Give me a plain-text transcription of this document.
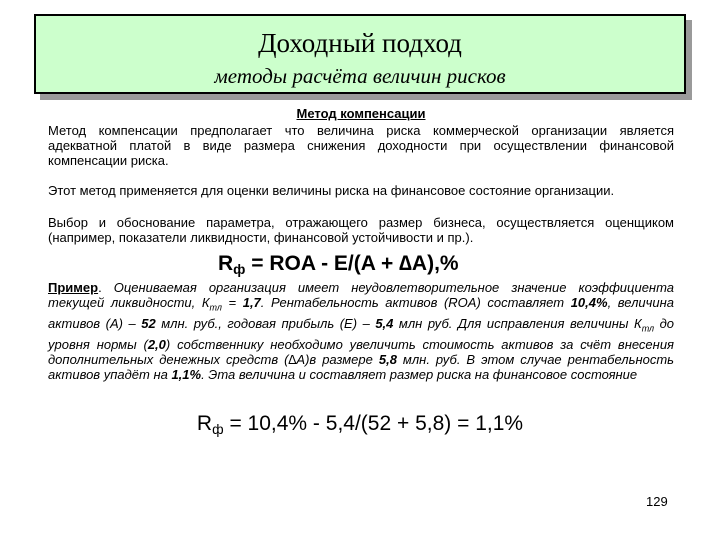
Доходный подход
методы расчёта величин рисков
Метод компенсации
Метод компенсации предполагает что величина риска коммерческой организации является адекватной платой в виде размера снижения доходности при осуществлении финансовой компенсации риска.
Этот метод применяется для оценки величины риска на финансовое состояние организации.
Выбор и обоснование параметра, отражающего размер бизнеса, осуществляется оценщиком (например, показатели ликвидности, финансовой устойчивости и пр.).
$R_ф$ = ROA - E/(A + ∆A),%
Пример. Оцениваемая организация имеет неудовлетворительное значение коэффициента текущей ликвидности, $К_{тл} = 1,7$. Рентабельность активов (ROA) составляет 10,4%, величина активов (А) – 52 млн. руб., годовая прибыль (Е) – 5,4 млн руб. Для исправления величины $К_{тл}$ до уровня нормы (2,0) собственнику необходимо увеличить стоимость активов за счёт внесения дополнительных денежных средств (∆А)в размере 5,8 млн. руб. В этом случае рентабельность активов упадёт на 1,1%. Эта величина и составляет размер риска на финансовое состояние
$R_ф = 10,4\% - 5,4/(52 + 5,8) = 1,1\%$
129
